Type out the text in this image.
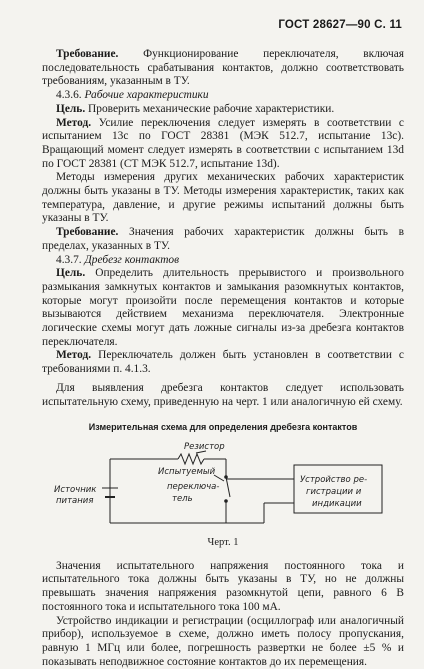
ГОСТ 28627—90 С. 11

Требование. Функционирование переключателя, включая последовательность срабатывания контактов, должно соответствовать требованиям, указанным в ТУ.

4.3.6. Рабочие характеристики

Цель. Проверить механические рабочие характеристики.

Метод. Усилие переключения следует измерять в соответствии с испытанием 13c по ГОСТ 28381 (МЭК 512.7, испытание 13c). Вращающий момент следует измерять в соответствии с испытанием 13d по ГОСТ 28381 (СТ МЭК 512.7, испытание 13d).

Методы измерения других механических рабочих характеристик должны быть указаны в ТУ. Методы измерения характеристик, таких как температура, давление, и другие режимы испытаний должны быть указаны в ТУ.

Требование. Значения рабочих характеристик должны быть в пределах, указанных в ТУ.

4.3.7. Дребезг контактов

Цель. Определить длительность прерывистого и произвольного размыкания замкнутых контактов и замыкания разомкнутых контактов, которые могут произойти после перемещения контактов и которые вызываются действием механизма переключателя. Электронные логические схемы могут дать ложные сигналы из-за дребезга контактов переключателя.

Метод. Переключатель должен быть установлен в соответствии с требованиями п. 4.1.3.

Для выявления дребезга контактов следует использовать испытательную схему, приведенную на черт. 1 или аналогичную ей схему.

Измерительная схема для определения дребезга контактов
Резистор
Испытуемый
переключа-
тель
Источник
питания
Устройство ре-
гистрации и
индикации
Черт. 1

Значения испытательного напряжения постоянного тока и испытательного тока должны быть указаны в ТУ, но не должны превышать значения напряжения разомкнутой цепи, равного 6 В постоянного тока и испытательного тока 100 мА.

Устройство индикации и регистрации (осциллограф или аналогичный прибор), используемое в схеме, должно иметь полосу пропускания, равную 1 МГц или более, погрешность развертки не более ±5 % и показывать неподвижное состояние контактов до их перемещения.
